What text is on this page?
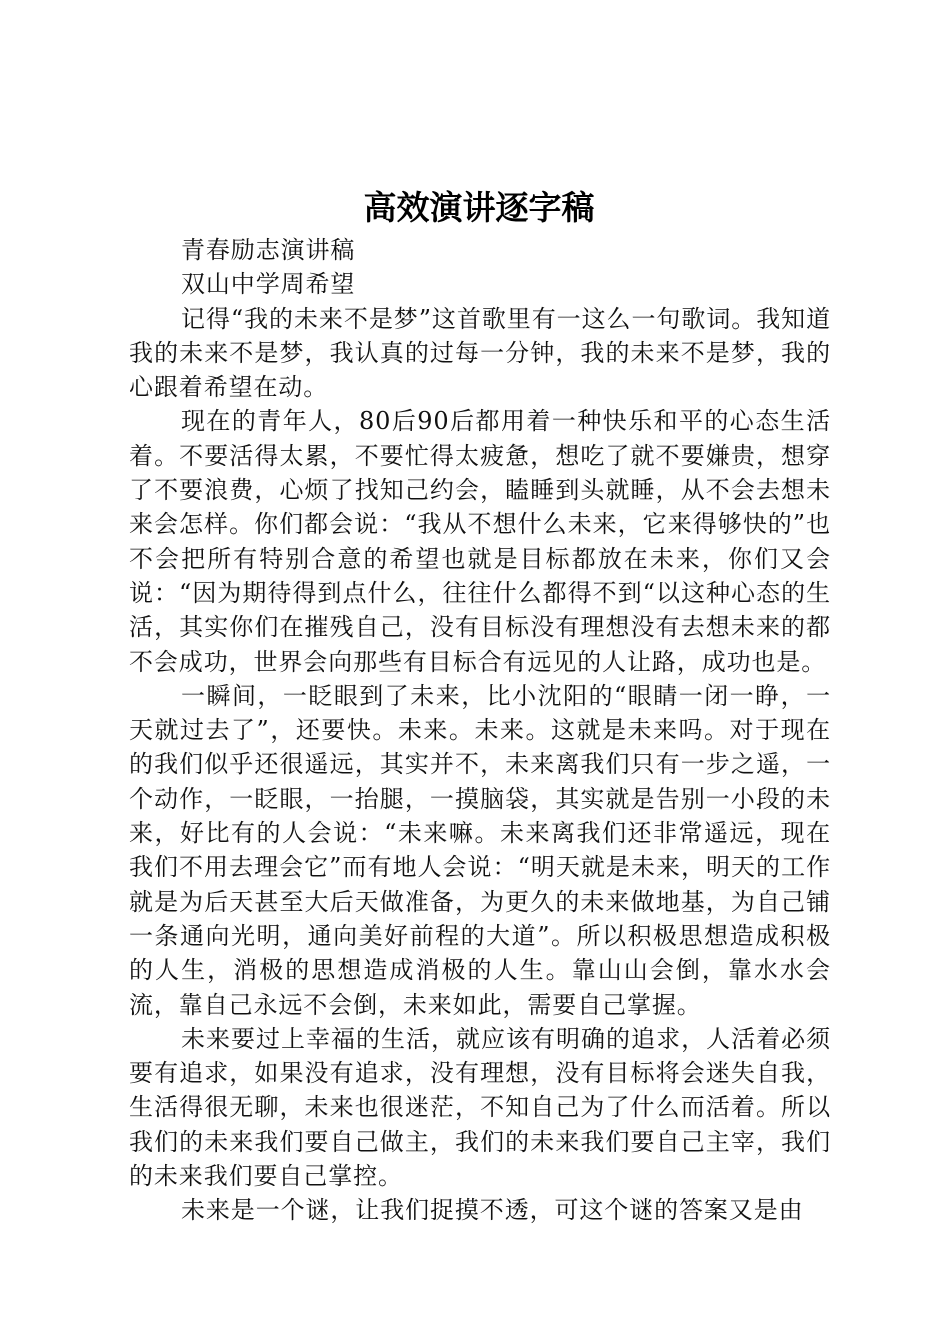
高效演讲逐字稿

青春励志演讲稿

双山中学周希望

记得“我的未来不是梦”这首歌里有一这么一句歌词。我知道我的未来不是梦，我认真的过每一分钟，我的未来不是梦，我的心跟着希望在动。

现在的青年人，80后90后都用着一种快乐和平的心态生活着。不要活得太累，不要忙得太疲惫，想吃了就不要嫌贵，想穿了不要浪费，心烦了找知己约会，瞌睡到头就睡，从不会去想未来会怎样。你们都会说：“我从不想什么未来，它来得够快的”也不会把所有特别合意的希望也就是目标都放在未来，你们又会说：“因为期待得到点什么，往往什么都得不到“以这种心态的生活，其实你们在摧残自己，没有目标没有理想没有去想未来的都不会成功，世界会向那些有目标合有远见的人让路，成功也是。

一瞬间，一眨眼到了未来，比小沈阳的“眼睛一闭一睁，一天就过去了”，还要快。未来。未来。这就是未来吗。对于现在的我们似乎还很遥远，其实并不，未来离我们只有一步之遥，一个动作，一眨眼，一抬腿，一摸脑袋，其实就是告别一小段的未来，好比有的人会说：“未来嘛。未来离我们还非常遥远，现在我们不用去理会它”而有地人会说：“明天就是未来，明天的工作就是为后天甚至大后天做准备，为更久的未来做地基，为自己铺一条通向光明，通向美好前程的大道”。所以积极思想造成积极的人生，消极的思想造成消极的人生。靠山山会倒，靠水水会流，靠自己永远不会倒，未来如此，需要自己掌握。

未来要过上幸福的生活，就应该有明确的追求，人活着必须要有追求，如果没有追求，没有理想，没有目标将会迷失自我，生活得很无聊，未来也很迷茫，不知自己为了什么而活着。所以我们的未来我们要自己做主，我们的未来我们要自己主宰，我们的未来我们要自己掌控。

未来是一个谜，让我们捉摸不透，可这个谜的答案又是由
